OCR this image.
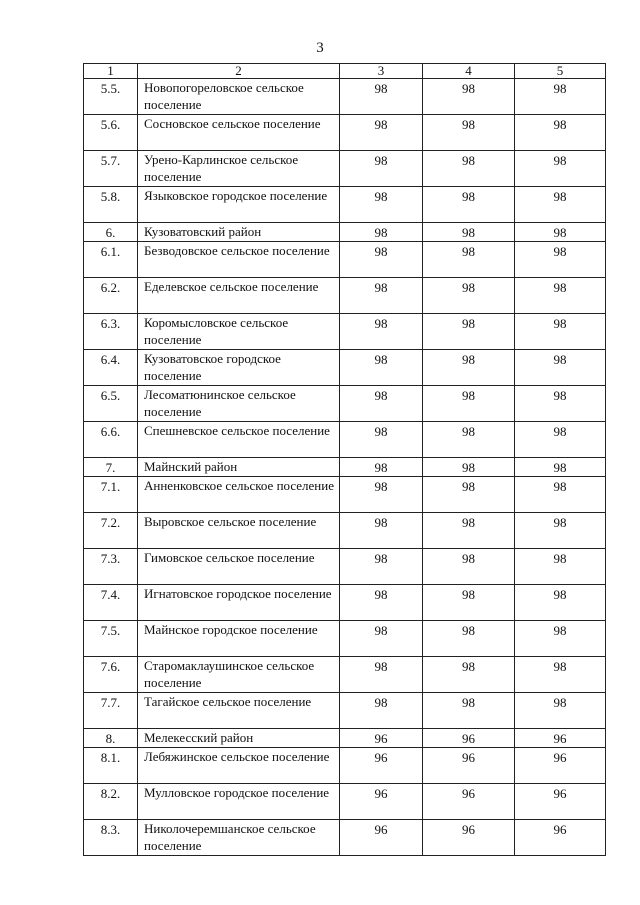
3
1	2	3	4	5
5.5.	Новопогореловское сельское поселение	98	98	98
5.6.	Сосновское сельское поселение	98	98	98
5.7.	Урено-Карлинское сельское поселение	98	98	98
5.8.	Языковское городское поселение	98	98	98
6.	Кузоватовский район	98	98	98
6.1.	Безводовское сельское поселение	98	98	98
6.2.	Еделевское сельское поселение	98	98	98
6.3.	Коромысловское сельское поселение	98	98	98
6.4.	Кузоватовское городское поселение	98	98	98
6.5.	Лесоматюнинское сельское поселение	98	98	98
6.6.	Спешневское сельское поселение	98	98	98
7.	Майнский район	98	98	98
7.1.	Анненковское сельское поселение	98	98	98
7.2.	Выровское сельское поселение	98	98	98
7.3.	Гимовское сельское поселение	98	98	98
7.4.	Игнатовское городское поселение	98	98	98
7.5.	Майнское городское поселение	98	98	98
7.6.	Старомаклаушинское сельское поселение	98	98	98
7.7.	Тагайское сельское поселение	98	98	98
8.	Мелекесский район	96	96	96
8.1.	Лебяжинское сельское поселение	96	96	96
8.2.	Мулловское городское поселение	96	96	96
8.3.	Николочеремшанское сельское поселение	96	96	96
